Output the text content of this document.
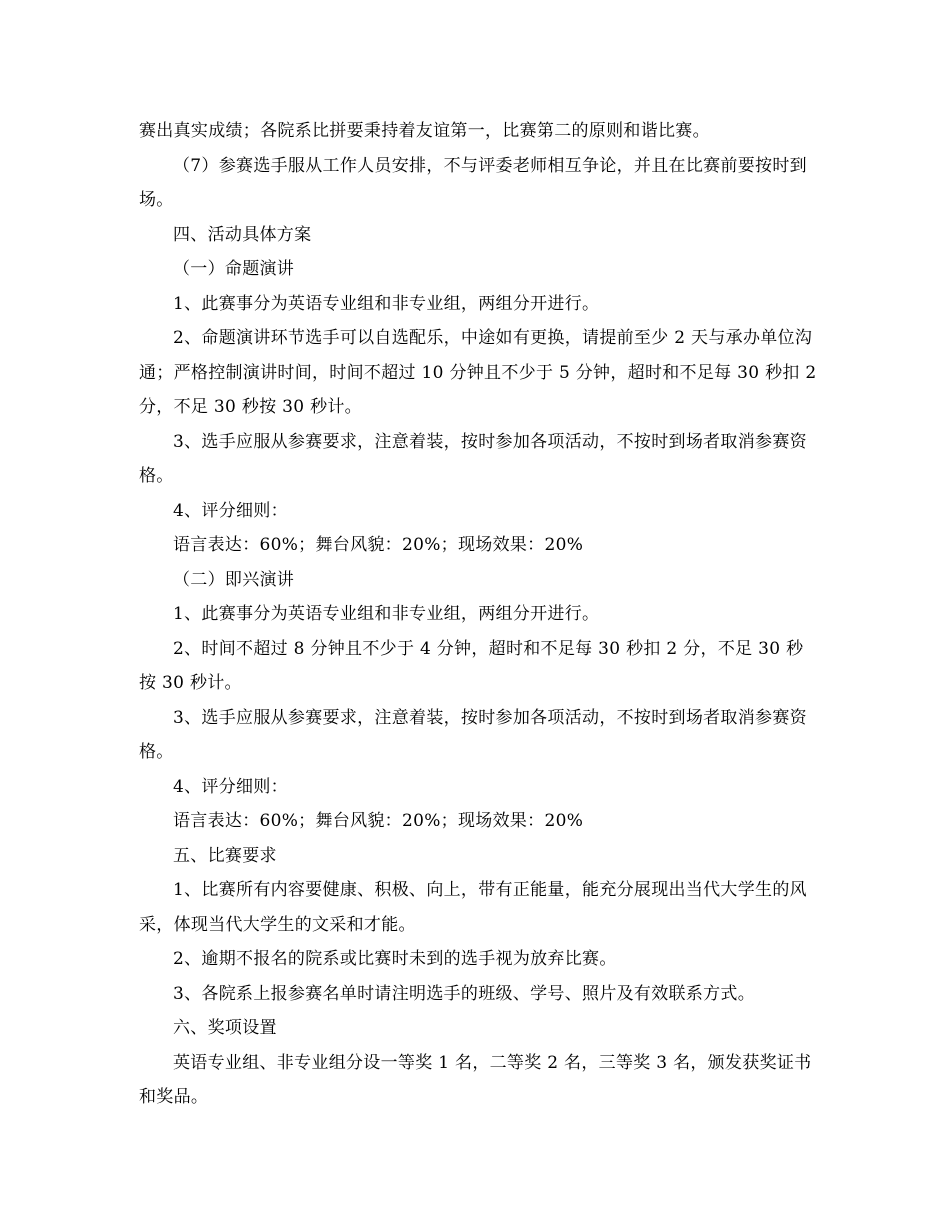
赛出真实成绩；各院系比拼要秉持着友谊第一，比赛第二的原则和谐比赛。

（7）参赛选手服从工作人员安排，不与评委老师相互争论，并且在比赛前要按时到场。

四、活动具体方案

（一）命题演讲

1、此赛事分为英语专业组和非专业组，两组分开进行。

2、命题演讲环节选手可以自选配乐，中途如有更换，请提前至少 2 天与承办单位沟通；严格控制演讲时间，时间不超过 10 分钟且不少于 5 分钟，超时和不足每 30 秒扣 2 分，不足 30 秒按 30 秒计。

3、选手应服从参赛要求，注意着装，按时参加各项活动，不按时到场者取消参赛资格。

4、评分细则：

语言表达：60%；舞台风貌：20%；现场效果：20%

（二）即兴演讲

1、此赛事分为英语专业组和非专业组，两组分开进行。

2、时间不超过 8 分钟且不少于 4 分钟，超时和不足每 30 秒扣 2 分，不足 30 秒按 30 秒计。

3、选手应服从参赛要求，注意着装，按时参加各项活动，不按时到场者取消参赛资格。

4、评分细则：

语言表达：60%；舞台风貌：20%；现场效果：20%

五、比赛要求

1、比赛所有内容要健康、积极、向上，带有正能量，能充分展现出当代大学生的风采，体现当代大学生的文采和才能。

2、逾期不报名的院系或比赛时未到的选手视为放弃比赛。

3、各院系上报参赛名单时请注明选手的班级、学号、照片及有效联系方式。

六、奖项设置

英语专业组、非专业组分设一等奖 1 名，二等奖 2 名，三等奖 3 名，颁发获奖证书和奖品。
